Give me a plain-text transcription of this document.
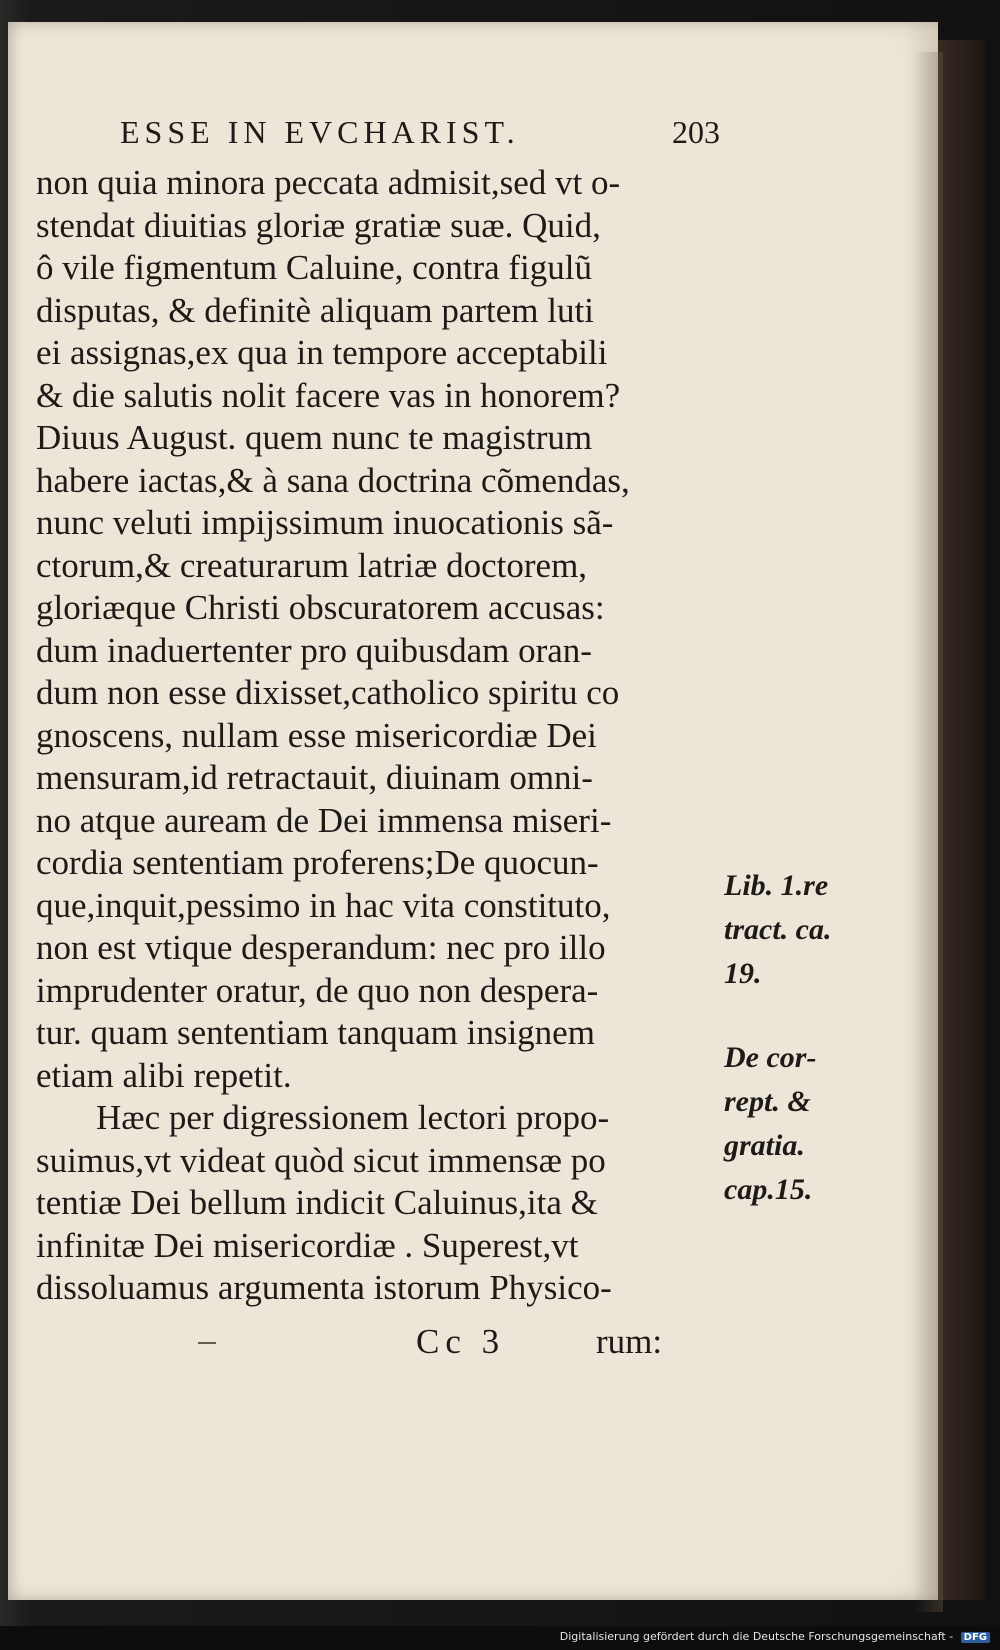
ESSE IN EVCHARIST.	203
non quia minora peccata admisit,sed vt o-
stendat diuitias gloriæ gratiæ suæ. Quid,
ô vile figmentum Caluine, contra figulũ
disputas, & definitè aliquam partem luti
ei assignas,ex qua in tempore acceptabili
& die salutis nolit facere vas in honorem?
Diuus August. quem nunc te magistrum
habere iactas,& à sana doctrina cõmendas,
nunc veluti impijssimum inuocationis sã-
ctorum,& creaturarum latriæ doctorem,
gloriæque Christi obscuratorem accusas:
dum inaduertenter pro quibusdam oran-
dum non esse dixisset,catholico spiritu co
gnoscens, nullam esse misericordiæ Dei
mensuram,id retractauit, diuinam omni-
no atque auream de Dei immensa miseri-
cordia sententiam proferens;De quocun-
que,inquit,pessimo in hac vita constituto,
non est vtique desperandum: nec pro illo
imprudenter oratur, de quo non despera-
tur. quam sententiam tanquam insignem
etiam alibi repetit.
Hæc per digressionem lectori propo-
suimus,vt videat quòd sicut immensæ po
tentiæ Dei bellum indicit Caluinus,ita &
infinitæ Dei misericordiæ . Superest,vt
dissoluamus argumenta istorum Physico-
Lib. 1.re
tract. ca.
19.
De cor-
rept. &
gratia.
cap.15.
Cc 3	rum:
Digitalisierung gefördert durch die Deutsche Forschungsgemeinschaft - DFG
